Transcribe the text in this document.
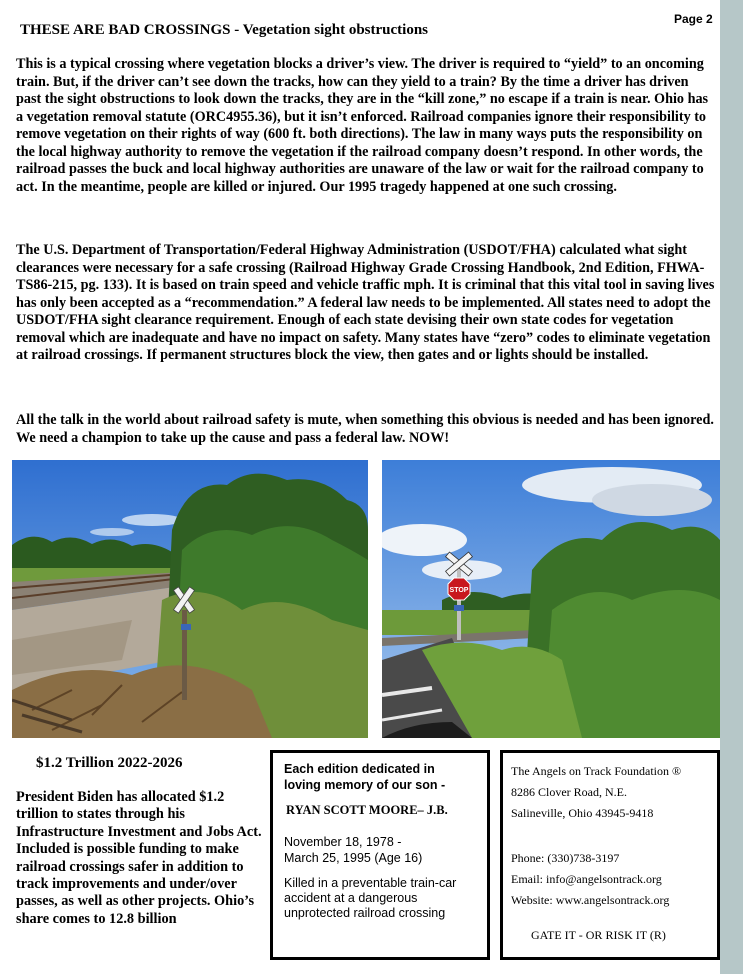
Page 2
THESE ARE BAD CROSSINGS - Vegetation sight obstructions

This is a typical crossing where vegetation blocks a driver’s view. The driver is required to “yield” to an oncoming train. But, if the driver can’t see down the tracks, how can they yield to a train? By the time a driver has driven past the sight obstructions to look down the tracks, they are in the “kill zone,” no escape if a train is near. Ohio has a vegetation removal statute (ORC4955.36), but it isn’t enforced. Railroad companies ignore their responsibility to remove vegetation on their rights of way (600 ft. both directions). The law in many ways puts the responsibility on the local highway authority to remove the vegetation if the railroad company doesn’t respond. In other words, the railroad passes the buck and local highway authorities are unaware of the law or wait for the railroad company to act. In the meantime, people are killed or injured. Our 1995 tragedy happened at one such crossing.

The U.S. Department of Transportation/Federal Highway Administration (USDOT/FHA) calculated what sight clearances were necessary for a safe crossing (Railroad Highway Grade Crossing Handbook, 2nd Edition, FHWA-TS86-215, pg. 133). It is based on train speed and vehicle traffic mph. It is criminal that this vital tool in saving lives has only been accepted as a “recommendation.” A federal law needs to be implemented. All states need to adopt the USDOT/FHA sight clearance requirement. Enough of each state devising their own state codes for vegetation removal which are inadequate and have no impact on safety. Many states have “zero” codes to eliminate vegetation at railroad crossings. If permanent structures block the view, then gates and or lights should be installed.

All the talk in the world about railroad safety is mute, when something this obvious is needed and has been ignored. We need a champion to take up the cause and pass a federal law. NOW!

STOP
$1.2 Trillion 2022-2026

President Biden has allocated $1.2 trillion to states through his Infrastructure Investment and Jobs Act. Included is possible funding to make railroad crossings safer in addition to track improvements and under/over passes, as well as other projects. Ohio’s share comes to 12.8 billion

Each edition dedicated in
loving memory of our son -
RYAN SCOTT MOORE– J.B.
November 18, 1978 -
March 25, 1995 (Age 16)
Killed in a preventable train-car
accident at a dangerous
unprotected railroad crossing
The Angels on Track Foundation ®
8286 Clover Road, N.E.
Salineville, Ohio 43945-9418
Phone: (330)738-3197
Email: info@angelsontrack.org
Website: www.angelsontrack.org
GATE IT - OR RISK IT (R)
